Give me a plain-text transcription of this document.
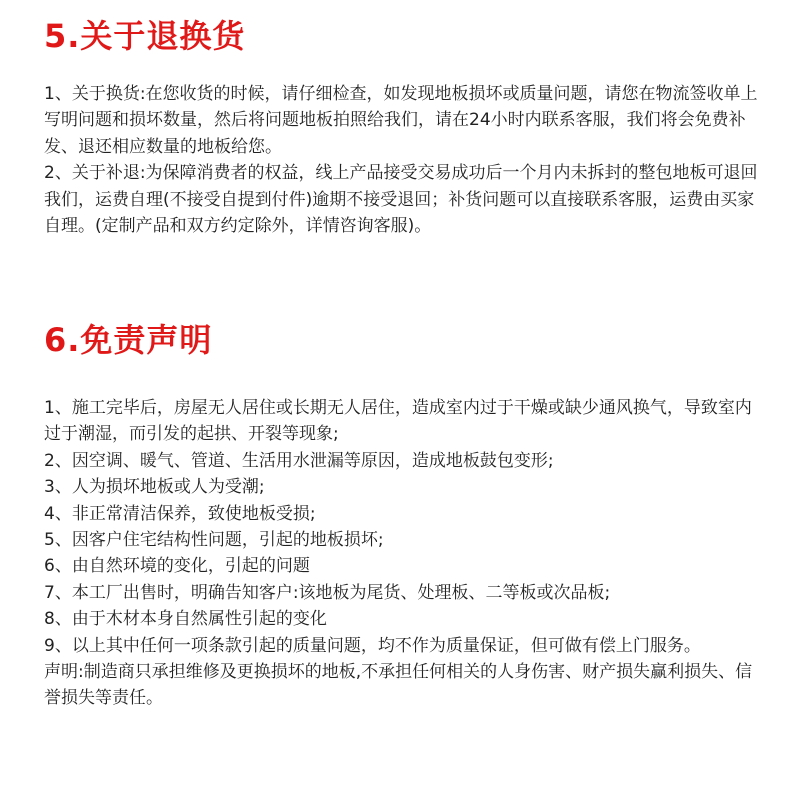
5.关于退换货

1、关于换货:在您收货的时候，请仔细检查，如发现地板损坏或质量问题，请您在物流签收单上写明问题和损坏数量，然后将问题地板拍照给我们，请在24小时内联系客服，我们将会免费补发、退还相应数量的地板给您。

2、关于补退:为保障消费者的权益，线上产品接受交易成功后一个月内未拆封的整包地板可退回我们，运费自理(不接受自提到付件)逾期不接受退回；补货问题可以直接联系客服，运费由买家自理。(定制产品和双方约定除外，详情咨询客服)。

6.免责声明

1、施工完毕后，房屋无人居住或长期无人居住，造成室内过于干燥或缺少通风换气，导致室内过于潮湿，而引发的起拱、开裂等现象;

2、因空调、暖气、管道、生活用水泄漏等原因，造成地板鼓包变形;

3、人为损坏地板或人为受潮;

4、非正常清洁保养，致使地板受损;

5、因客户住宅结构性问题，引起的地板损坏;

6、由自然环境的变化，引起的问题

7、本工厂出售时，明确告知客户:该地板为尾货、处理板、二等板或次品板;

8、由于木材本身自然属性引起的变化

9、以上其中任何一项条款引起的质量问题，均不作为质量保证，但可做有偿上门服务。

声明:制造商只承担维修及更换损坏的地板,不承担任何相关的人身伤害、财产损失赢利损失、信誉损失等责任。
